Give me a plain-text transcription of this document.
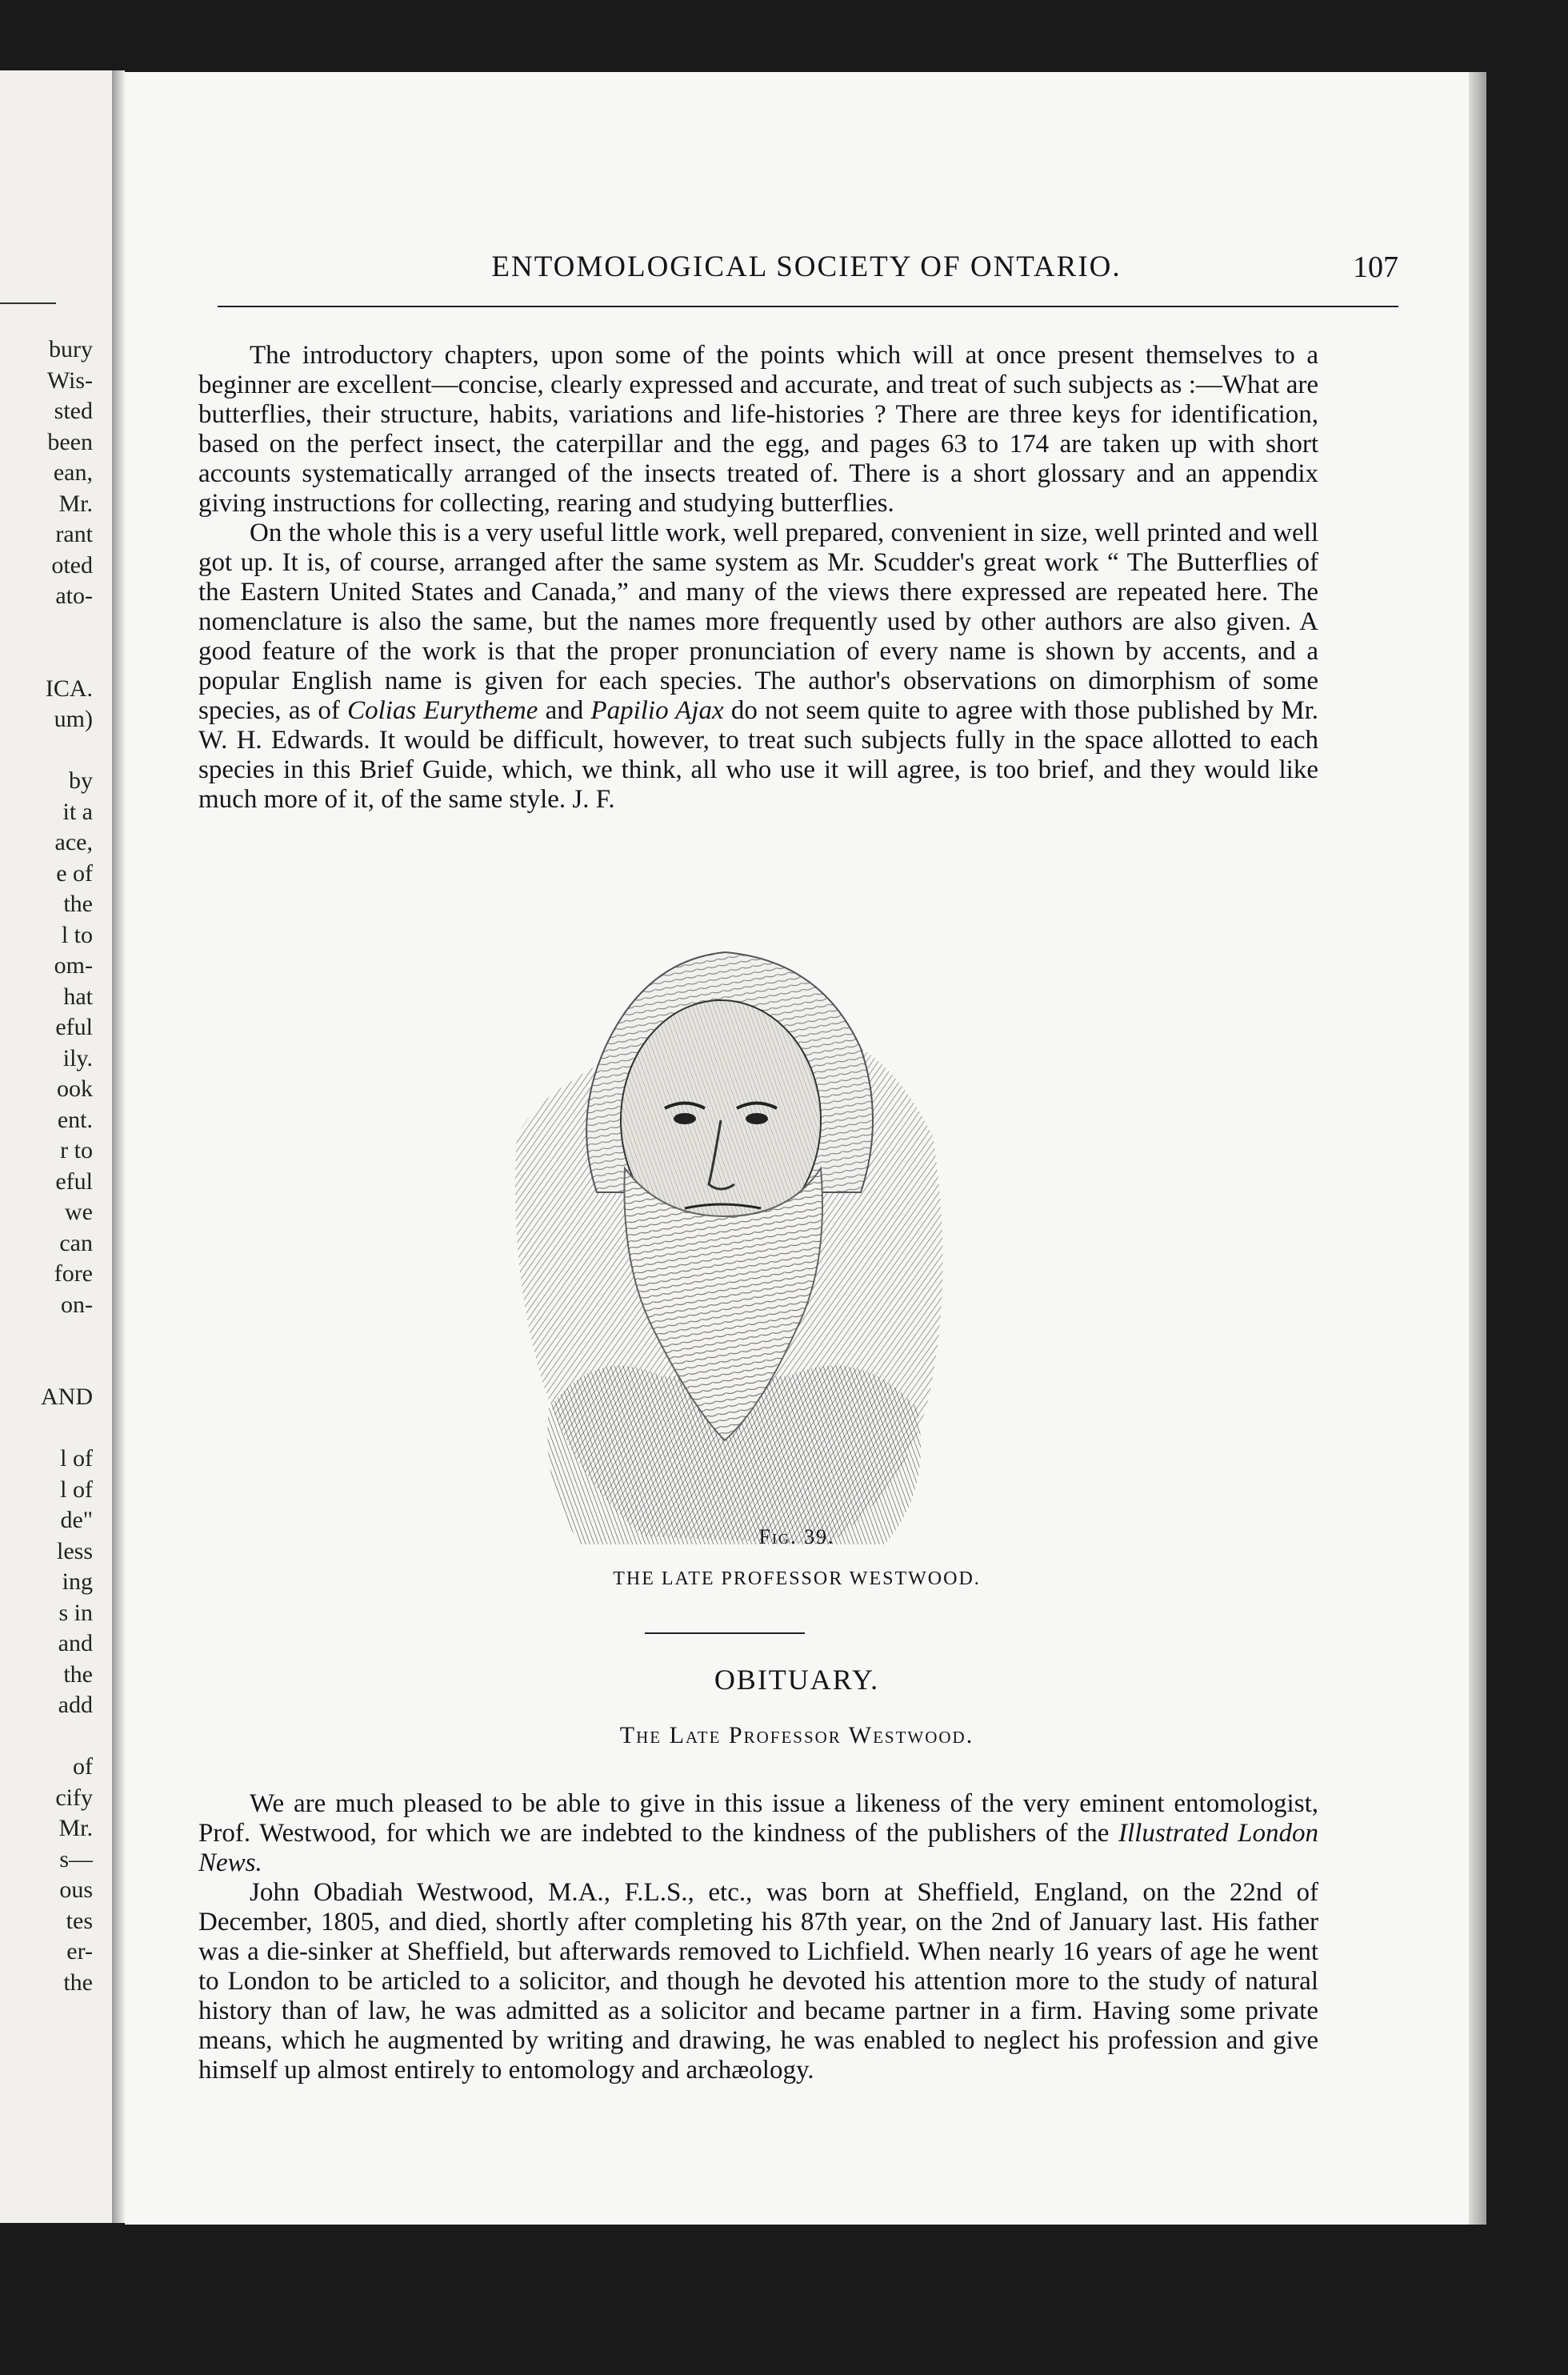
bury
Wis-
sted
been
ean,
Mr.
rant
oted
ato-
ICA.
um)
by
it a
ace,
e of
the
l to
om-
hat
eful
ily.
ook
ent.
r to
eful
we
can
fore
on-
AND
l of
l of
de"
less
ing
s in
and
the
add
of
cify
Mr.
s—
ous
tes
er-
the
ENTOMOLOGICAL SOCIETY OF ONTARIO.	107

The introductory chapters, upon some of the points which will at once present themselves to a beginner are excellent—concise, clearly expressed and accurate, and treat of such subjects as :—What are butterflies, their structure, habits, variations and life-histories ? There are three keys for identification, based on the perfect insect, the caterpillar and the egg, and pages 63 to 174 are taken up with short accounts systematically arranged of the insects treated of. There is a short glossary and an appendix giving instructions for collecting, rearing and studying butterflies.

On the whole this is a very useful little work, well prepared, convenient in size, well printed and well got up. It is, of course, arranged after the same system as Mr. Scudder's great work “ The Butterflies of the Eastern United States and Canada,” and many of the views there expressed are repeated here. The nomenclature is also the same, but the names more frequently used by other authors are also given. A good feature of the work is that the proper pronunciation of every name is shown by accents, and a popular English name is given for each species. The author's observations on dimorphism of some species, as of Colias Eurytheme and Papilio Ajax do not seem quite to agree with those published by Mr. W. H. Edwards. It would be difficult, however, to treat such subjects fully in the space allotted to each species in this Brief Guide, which, we think, all who use it will agree, is too brief, and they would like much more of it, of the same style. J. F.

Fig. 39.
THE LATE PROFESSOR WESTWOOD.
OBITUARY.
The Late Professor Westwood.

We are much pleased to be able to give in this issue a likeness of the very eminent entomologist, Prof. Westwood, for which we are indebted to the kindness of the publishers of the Illustrated London News.

John Obadiah Westwood, M.A., F.L.S., etc., was born at Sheffield, England, on the 22nd of December, 1805, and died, shortly after completing his 87th year, on the 2nd of January last. His father was a die-sinker at Sheffield, but afterwards removed to Lichfield. When nearly 16 years of age he went to London to be articled to a solicitor, and though he devoted his attention more to the study of natural history than of law, he was admitted as a solicitor and became partner in a firm. Having some private means, which he augmented by writing and drawing, he was enabled to neglect his profession and give himself up almost entirely to entomology and archæology.
